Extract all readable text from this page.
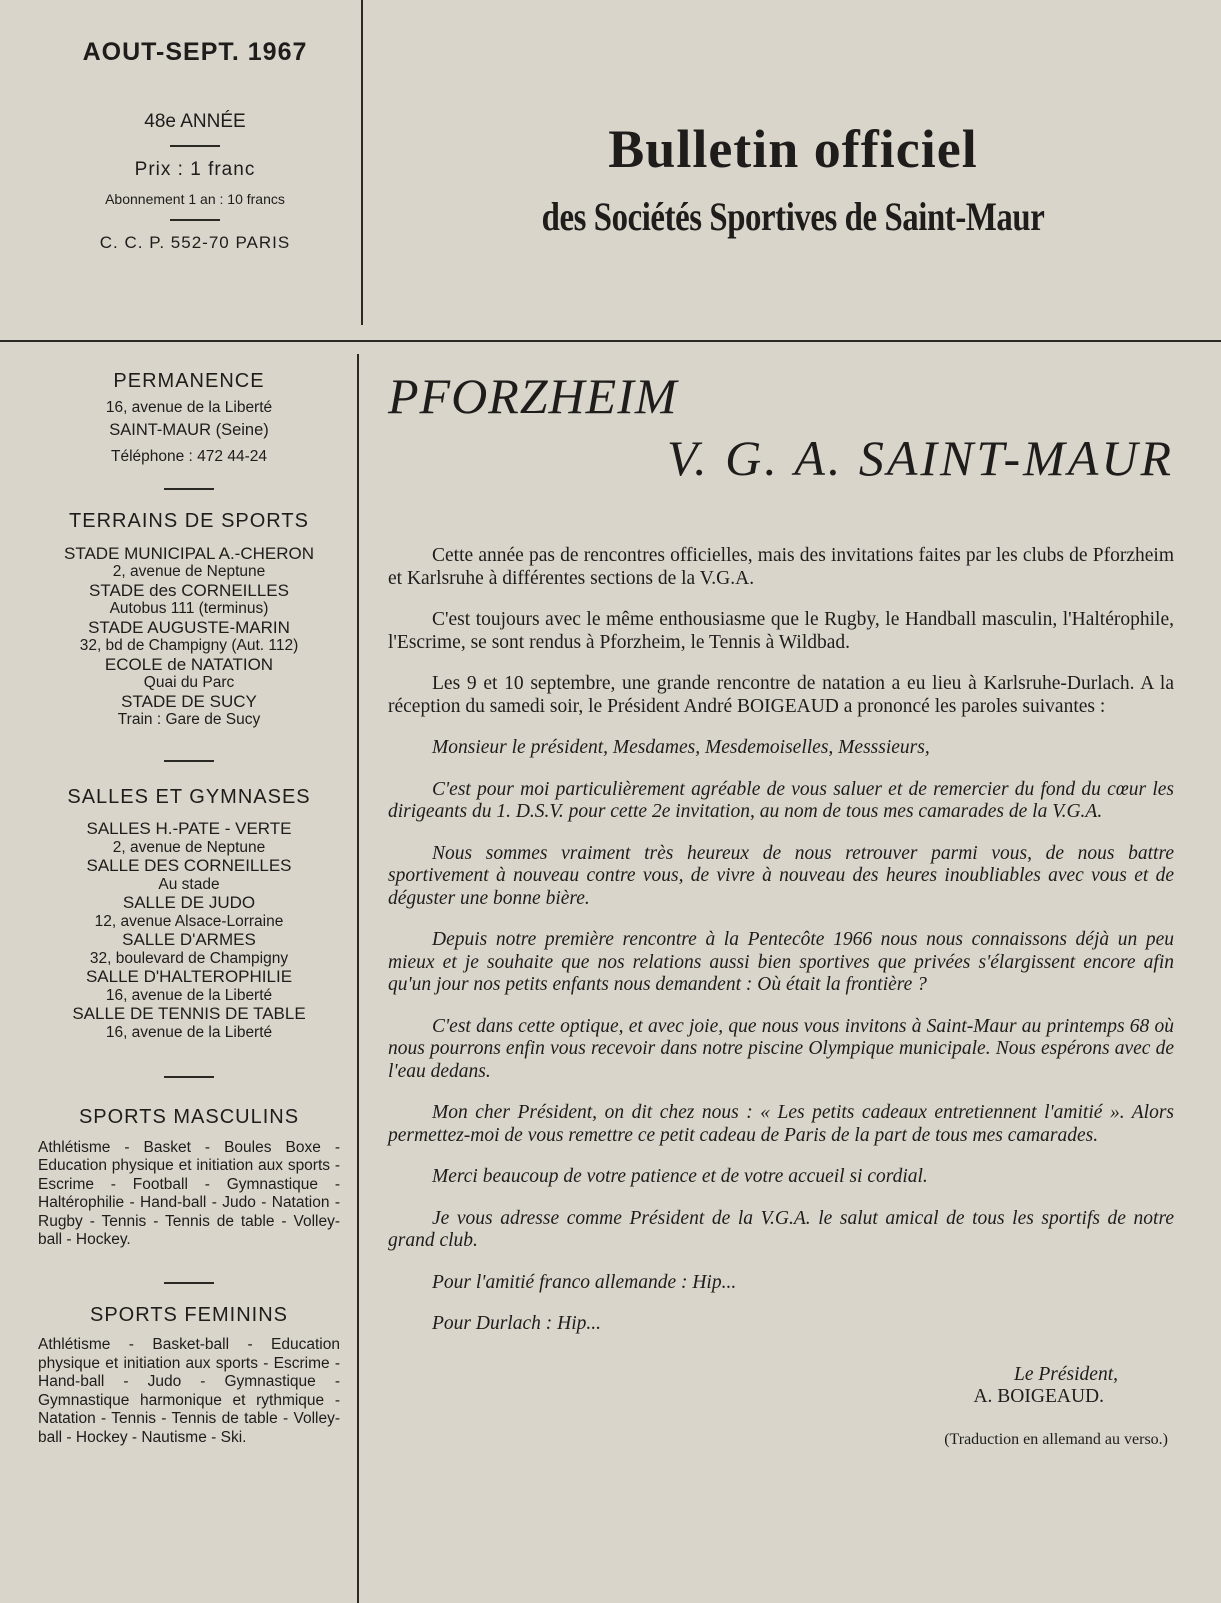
AOUT-SEPT. 1967

48e ANNÉE
Prix : 1 franc
Abonnement 1 an : 10 francs
C. C. P. 552-70 PARIS
Bulletin officiel
des Sociétés Sportives de Saint-Maur
PERMANENCE

16, avenue de la Liberté

SAINT-MAUR (Seine)

Téléphone : 472 44-24

TERRAINS DE SPORTS

STADE MUNICIPAL A.-CHERON

2, avenue de Neptune

STADE des CORNEILLES

Autobus 111 (terminus)

STADE AUGUSTE-MARIN

32, bd de Champigny (Aut. 112)

ECOLE de NATATION

Quai du Parc

STADE DE SUCY

Train : Gare de Sucy

SALLES ET GYMNASES

SALLES H.-PATE - VERTE

2, avenue de Neptune

SALLE DES CORNEILLES

Au stade

SALLE DE JUDO

12, avenue Alsace-Lorraine

SALLE D'ARMES

32, boulevard de Champigny

SALLE D'HALTEROPHILIE

16, avenue de la Liberté

SALLE DE TENNIS DE TABLE

16, avenue de la Liberté

SPORTS MASCULINS

Athlétisme - Basket - Boules Boxe - Education physique et initiation aux sports - Escrime - Football - Gymnastique - Haltérophilie - Hand-ball - Judo - Natation - Rugby - Tennis - Tennis de table - Volley-ball - Hockey.

SPORTS FEMININS

Athlétisme - Basket-ball - Education physique et initiation aux sports - Escrime - Hand-ball - Judo - Gymnastique - Gymnastique harmonique et rythmique - Natation - Tennis - Tennis de table - Volley-ball - Hockey - Nautisme - Ski.

PFORZHEIM
V. G. A. SAINT-MAUR

Cette année pas de rencontres officielles, mais des invitations faites par les clubs de Pforzheim et Karlsruhe à différentes sections de la V.G.A.

C'est toujours avec le même enthousiasme que le Rugby, le Handball masculin, l'Haltérophile, l'Escrime, se sont rendus à Pforzheim, le Tennis à Wildbad.

Les 9 et 10 septembre, une grande rencontre de natation a eu lieu à Karlsruhe-Durlach. A la réception du samedi soir, le Président André BOIGEAUD a prononcé les paroles suivantes :

Monsieur le président, Mesdames, Mesdemoiselles, Messsieurs,

C'est pour moi particulièrement agréable de vous saluer et de remercier du fond du cœur les dirigeants du 1. D.S.V. pour cette 2e invitation, au nom de tous mes camarades de la V.G.A.

Nous sommes vraiment très heureux de nous retrouver parmi vous, de nous battre sportivement à nouveau contre vous, de vivre à nouveau des heures inoubliables avec vous et de déguster une bonne bière.

Depuis notre première rencontre à la Pentecôte 1966 nous nous connaissons déjà un peu mieux et je souhaite que nos relations aussi bien sportives que privées s'élargissent encore afin qu'un jour nos petits enfants nous demandent : Où était la frontière ?

C'est dans cette optique, et avec joie, que nous vous invitons à Saint-Maur au printemps 68 où nous pourrons enfin vous recevoir dans notre piscine Olympique municipale. Nous espérons avec de l'eau dedans.

Mon cher Président, on dit chez nous : « Les petits cadeaux entretiennent l'amitié ». Alors permettez-moi de vous remettre ce petit cadeau de Paris de la part de tous mes camarades.

Merci beaucoup de votre patience et de votre accueil si cordial.

Je vous adresse comme Président de la V.G.A. le salut amical de tous les sportifs de notre grand club.

Pour l'amitié franco allemande : Hip...

Pour Durlach : Hip...

Le Président,

A. BOIGEAUD.

(Traduction en allemand au verso.)
